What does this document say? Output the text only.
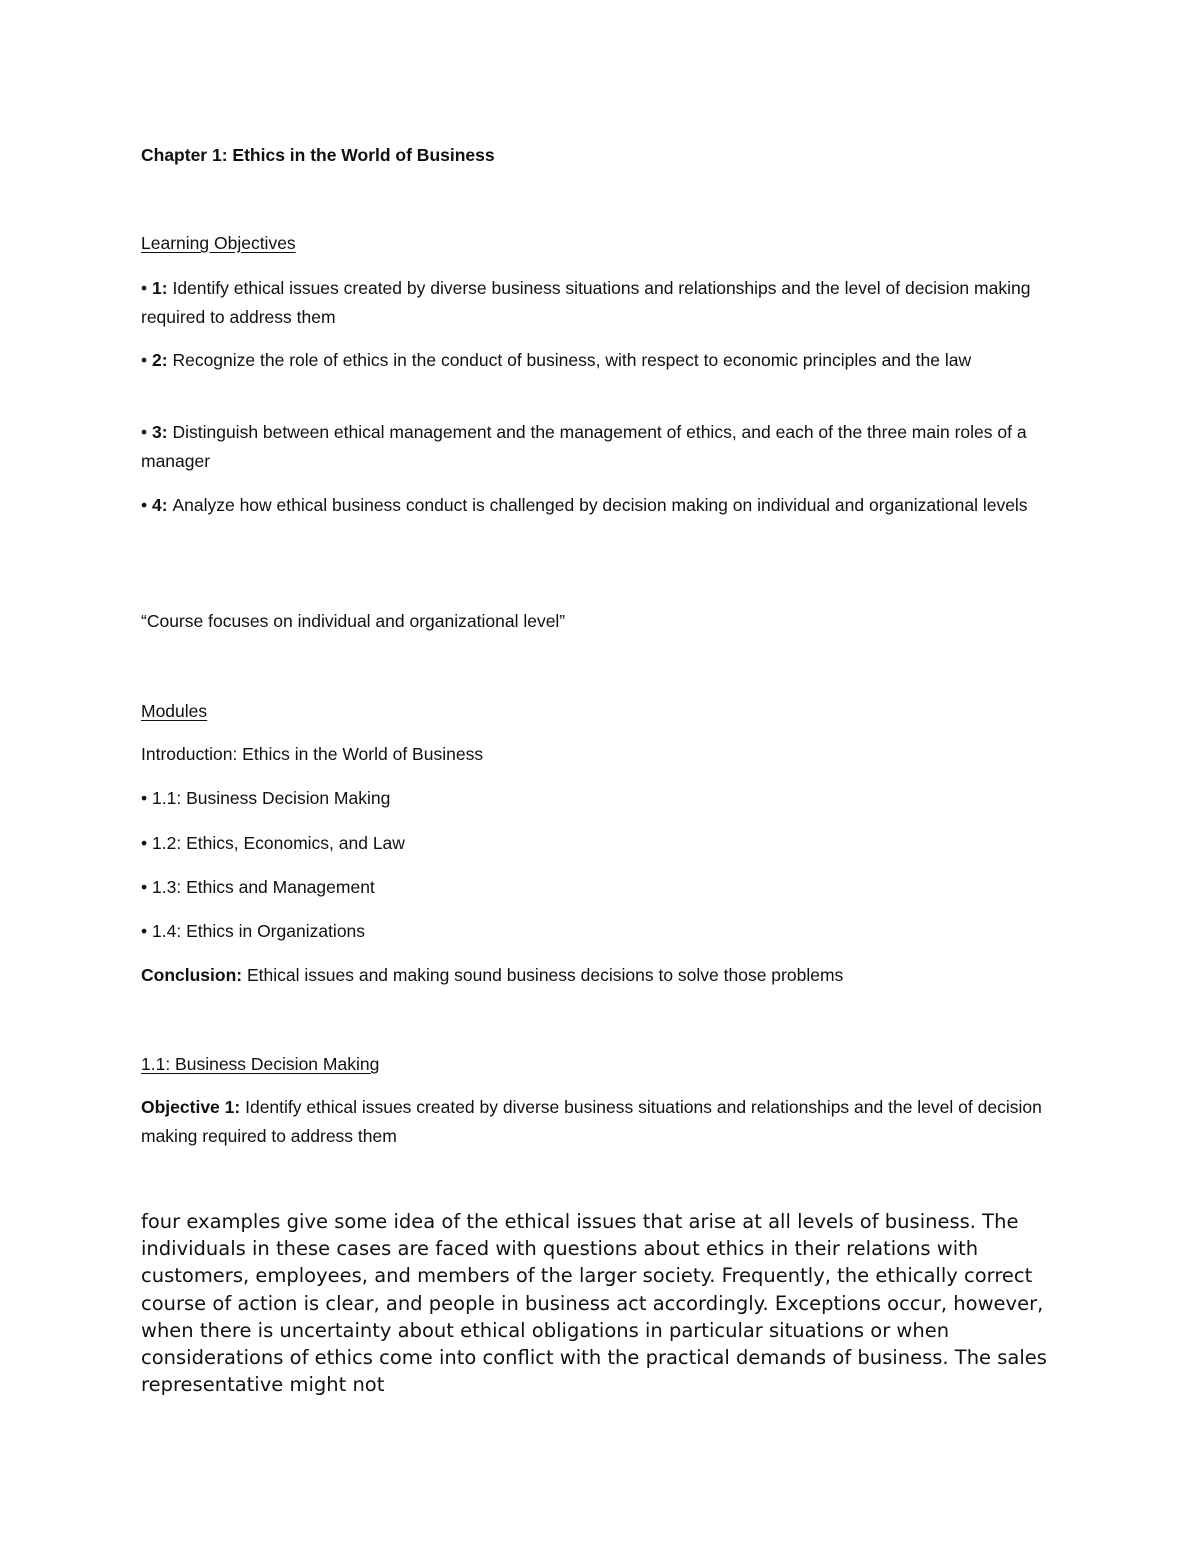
Chapter 1: Ethics in the World of Business

Learning Objectives

• 1: Identify ethical issues created by diverse business situations and relationships and the level of decision making required to address them

• 2: Recognize the role of ethics in the conduct of business, with respect to economic principles and the law

• 3: Distinguish between ethical management and the management of ethics, and each of the three main roles of a manager

• 4: Analyze how ethical business conduct is challenged by decision making on individual and organizational levels

“Course focuses on individual and organizational level”

Modules

Introduction: Ethics in the World of Business

• 1.1: Business Decision Making

• 1.2: Ethics, Economics, and Law

• 1.3: Ethics and Management

• 1.4: Ethics in Organizations

Conclusion: Ethical issues and making sound business decisions to solve those problems

1.1: Business Decision Making

Objective 1: Identify ethical issues created by diverse business situations and relationships and the level of decision making required to address them

four examples give some idea of the ethical issues that arise at all levels of business. The individuals in these cases are faced with questions about ethics in their relations with customers, employees, and members of the larger society. Frequently, the ethically correct course of action is clear, and people in business act accordingly. Exceptions occur, however, when there is uncertainty about ethical obligations in particular situations or when considerations of ethics come into conflict with the practical demands of business. The sales representative might not
